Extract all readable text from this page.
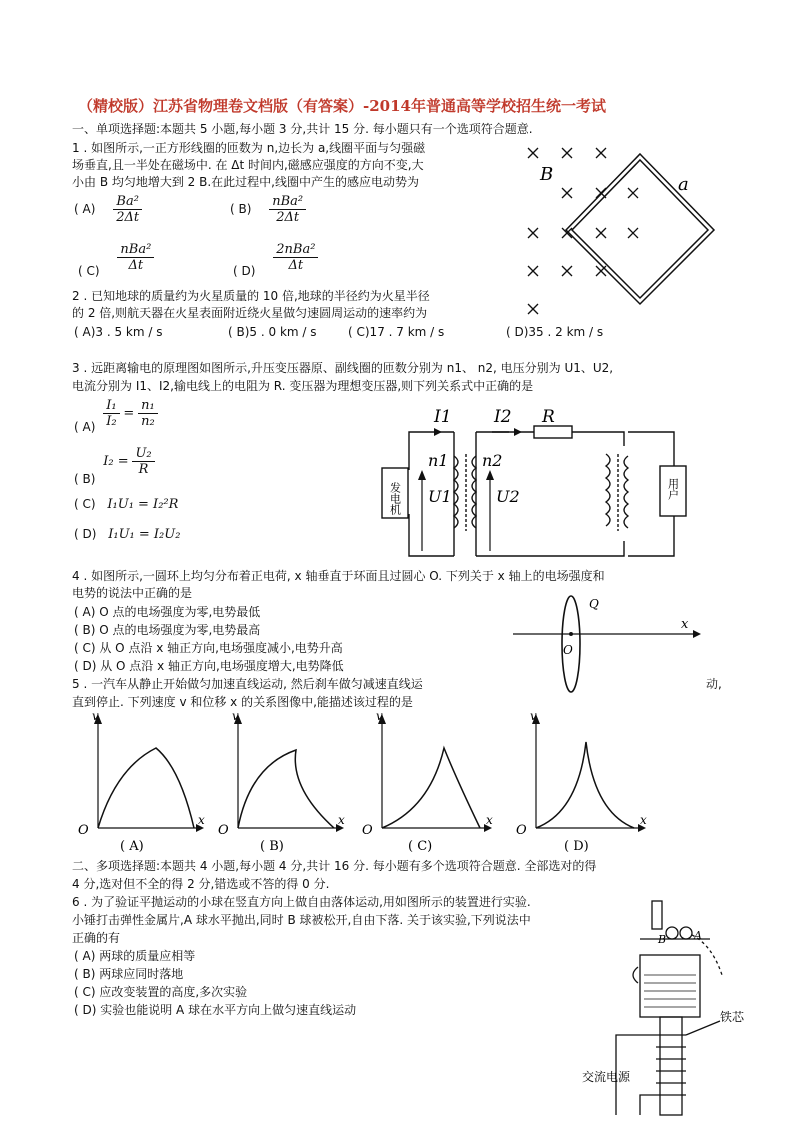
（精校版）江苏省物理卷文档版（有答案）-2014年普通高等学校招生统一考试
一、单项选择题:本题共 5 小题,每小题 3 分,共计 15 分. 每小题只有一个选项符合题意.
1 . 如图所示,一正方形线圈的匝数为 n,边长为 a,线圈平面与匀强磁
场垂直,且一半处在磁场中. 在 Δt 时间内,磁感应强度的方向不变,大
小由 B 均匀地增大到 2 B.在此过程中,线圈中产生的感应电动势为
( $A) \frac{\text{Ba²}}{2\Delta t}$	( $B) \frac{\text{nBa²}}{2\Delta t}$
( $C) \frac{\text{nBa²}}{\Delta t}$	( $D) \frac{\text{2nBa²}}{\Delta t}$
B	a
2 . 已知地球的质量约为火星质量的 10 倍,地球的半径约为火星半径
的 2 倍,则航天器在火星表面附近绕火星做匀速圆周运动的速率约为
( A)3 . 5 km / s	( B)5 . 0 km / s	( C)17 . 7 km / s	( D)35 . 2 km / s
3 . 远距离输电的原理图如图所示,升压变压器原、副线圈的匝数分别为 n1、 n2, 电压分别为 U1、U2,
电流分别为 I1、I2,输电线上的电阻为 R. 变压器为理想变压器,则下列关系式中正确的是
( $A) \frac{\text{I₁}}{\text{I₂}} = \frac{\text{n₁}}{\text{n₂}}$
( B) $I_2 = \frac{\text{U₂}}{R}$
( C) I₁U₁ = I₂²R
( D) I₁U₁ = I₂U₂
I1 I2 R
n1 n2
U1	U2
发电机	用户
4 . 如图所示,一圆环上均匀分布着正电荷, x 轴垂直于环面且过圆心 O. 下列关于 x 轴上的电场强度和
电势的说法中正确的是
( A) O 点的电场强度为零,电势最低
( B) O 点的电场强度为零,电势最高
( C) 从 O 点沿 x 轴正方向,电场强度减小,电势升高
( D) 从 O 点沿 x 轴正方向,电场强度增大,电势降低
Q
O
x
5 . 一汽车从静止开始做匀加速直线运动, 然后刹车做匀减速直线运	动,
直到停止. 下列速度 v 和位移 x 的关系图像中,能描述该过程的是
v
x
O
( A)
v
x
O
( B)
v
x
O
( C)
v
x
O
( D)
二、多项选择题:本题共 4 小题,每小题 4 分,共计 16 分. 每小题有多个选项符合题意. 全部选对的得
4 分,选对但不全的得 2 分,错选或不答的得 0 分.
6 . 为了验证平抛运动的小球在竖直方向上做自由落体运动,用如图所示的装置进行实验.
小锤打击弹性金属片,A 球水平抛出,同时 B 球被松开,自由下落. 关于该实验,下列说法中
正确的有
( A) 两球的质量应相等
( B) 两球应同时落地
( C) 应改变装置的高度,多次实验
( D) 实验也能说明 A 球在水平方向上做匀速直线运动
B	A
铁芯
交流电源
